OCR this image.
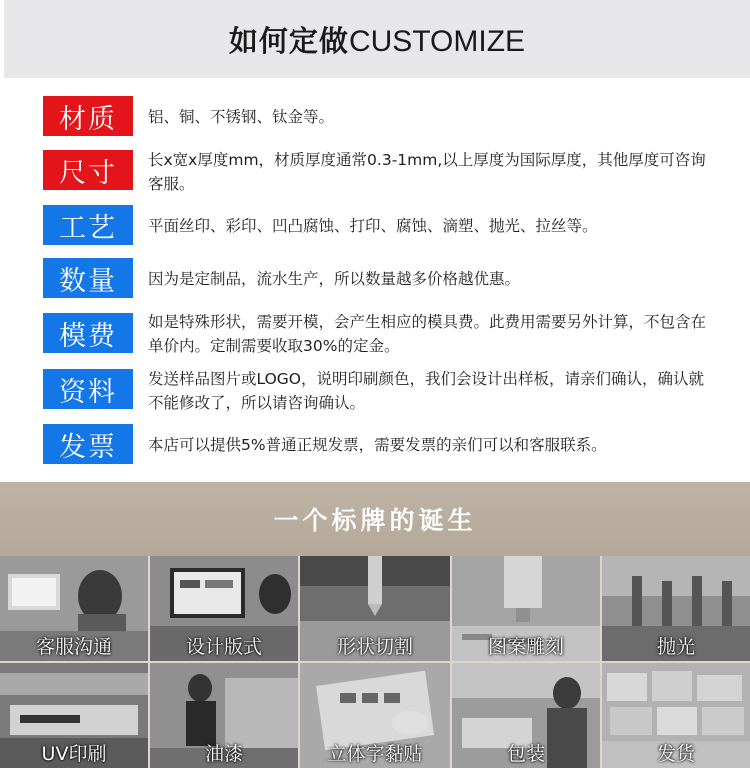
如何定做 CUSTOMIZE
材质	铝、铜、不锈钢、钛金等。
尺寸	长x宽x厚度mm，材质厚度通常0.3-1mm,以上厚度为国际厚度，其他厚度可咨询客服。
工艺	平面丝印、彩印、凹凸腐蚀、打印、腐蚀、滴塑、抛光、拉丝等。
数量	因为是定制品，流水生产，所以数量越多价格越优惠。
模费	如是特殊形状，需要开模，会产生相应的模具费。此费用需要另外计算，不包含在单价内。定制需要收取30%的定金。
资料	发送样品图片或LOGO，说明印刷颜色，我们会设计出样板，请亲们确认，确认就不能修改了，所以请咨询确认。
发票	本店可以提供5%普通正规发票，需要发票的亲们可以和客服联系。
一个标牌的诞生
客服沟通	设计版式	形状切割	图案雕刻	抛光
UV印刷	油漆	立体字黏贴	包装	发货
